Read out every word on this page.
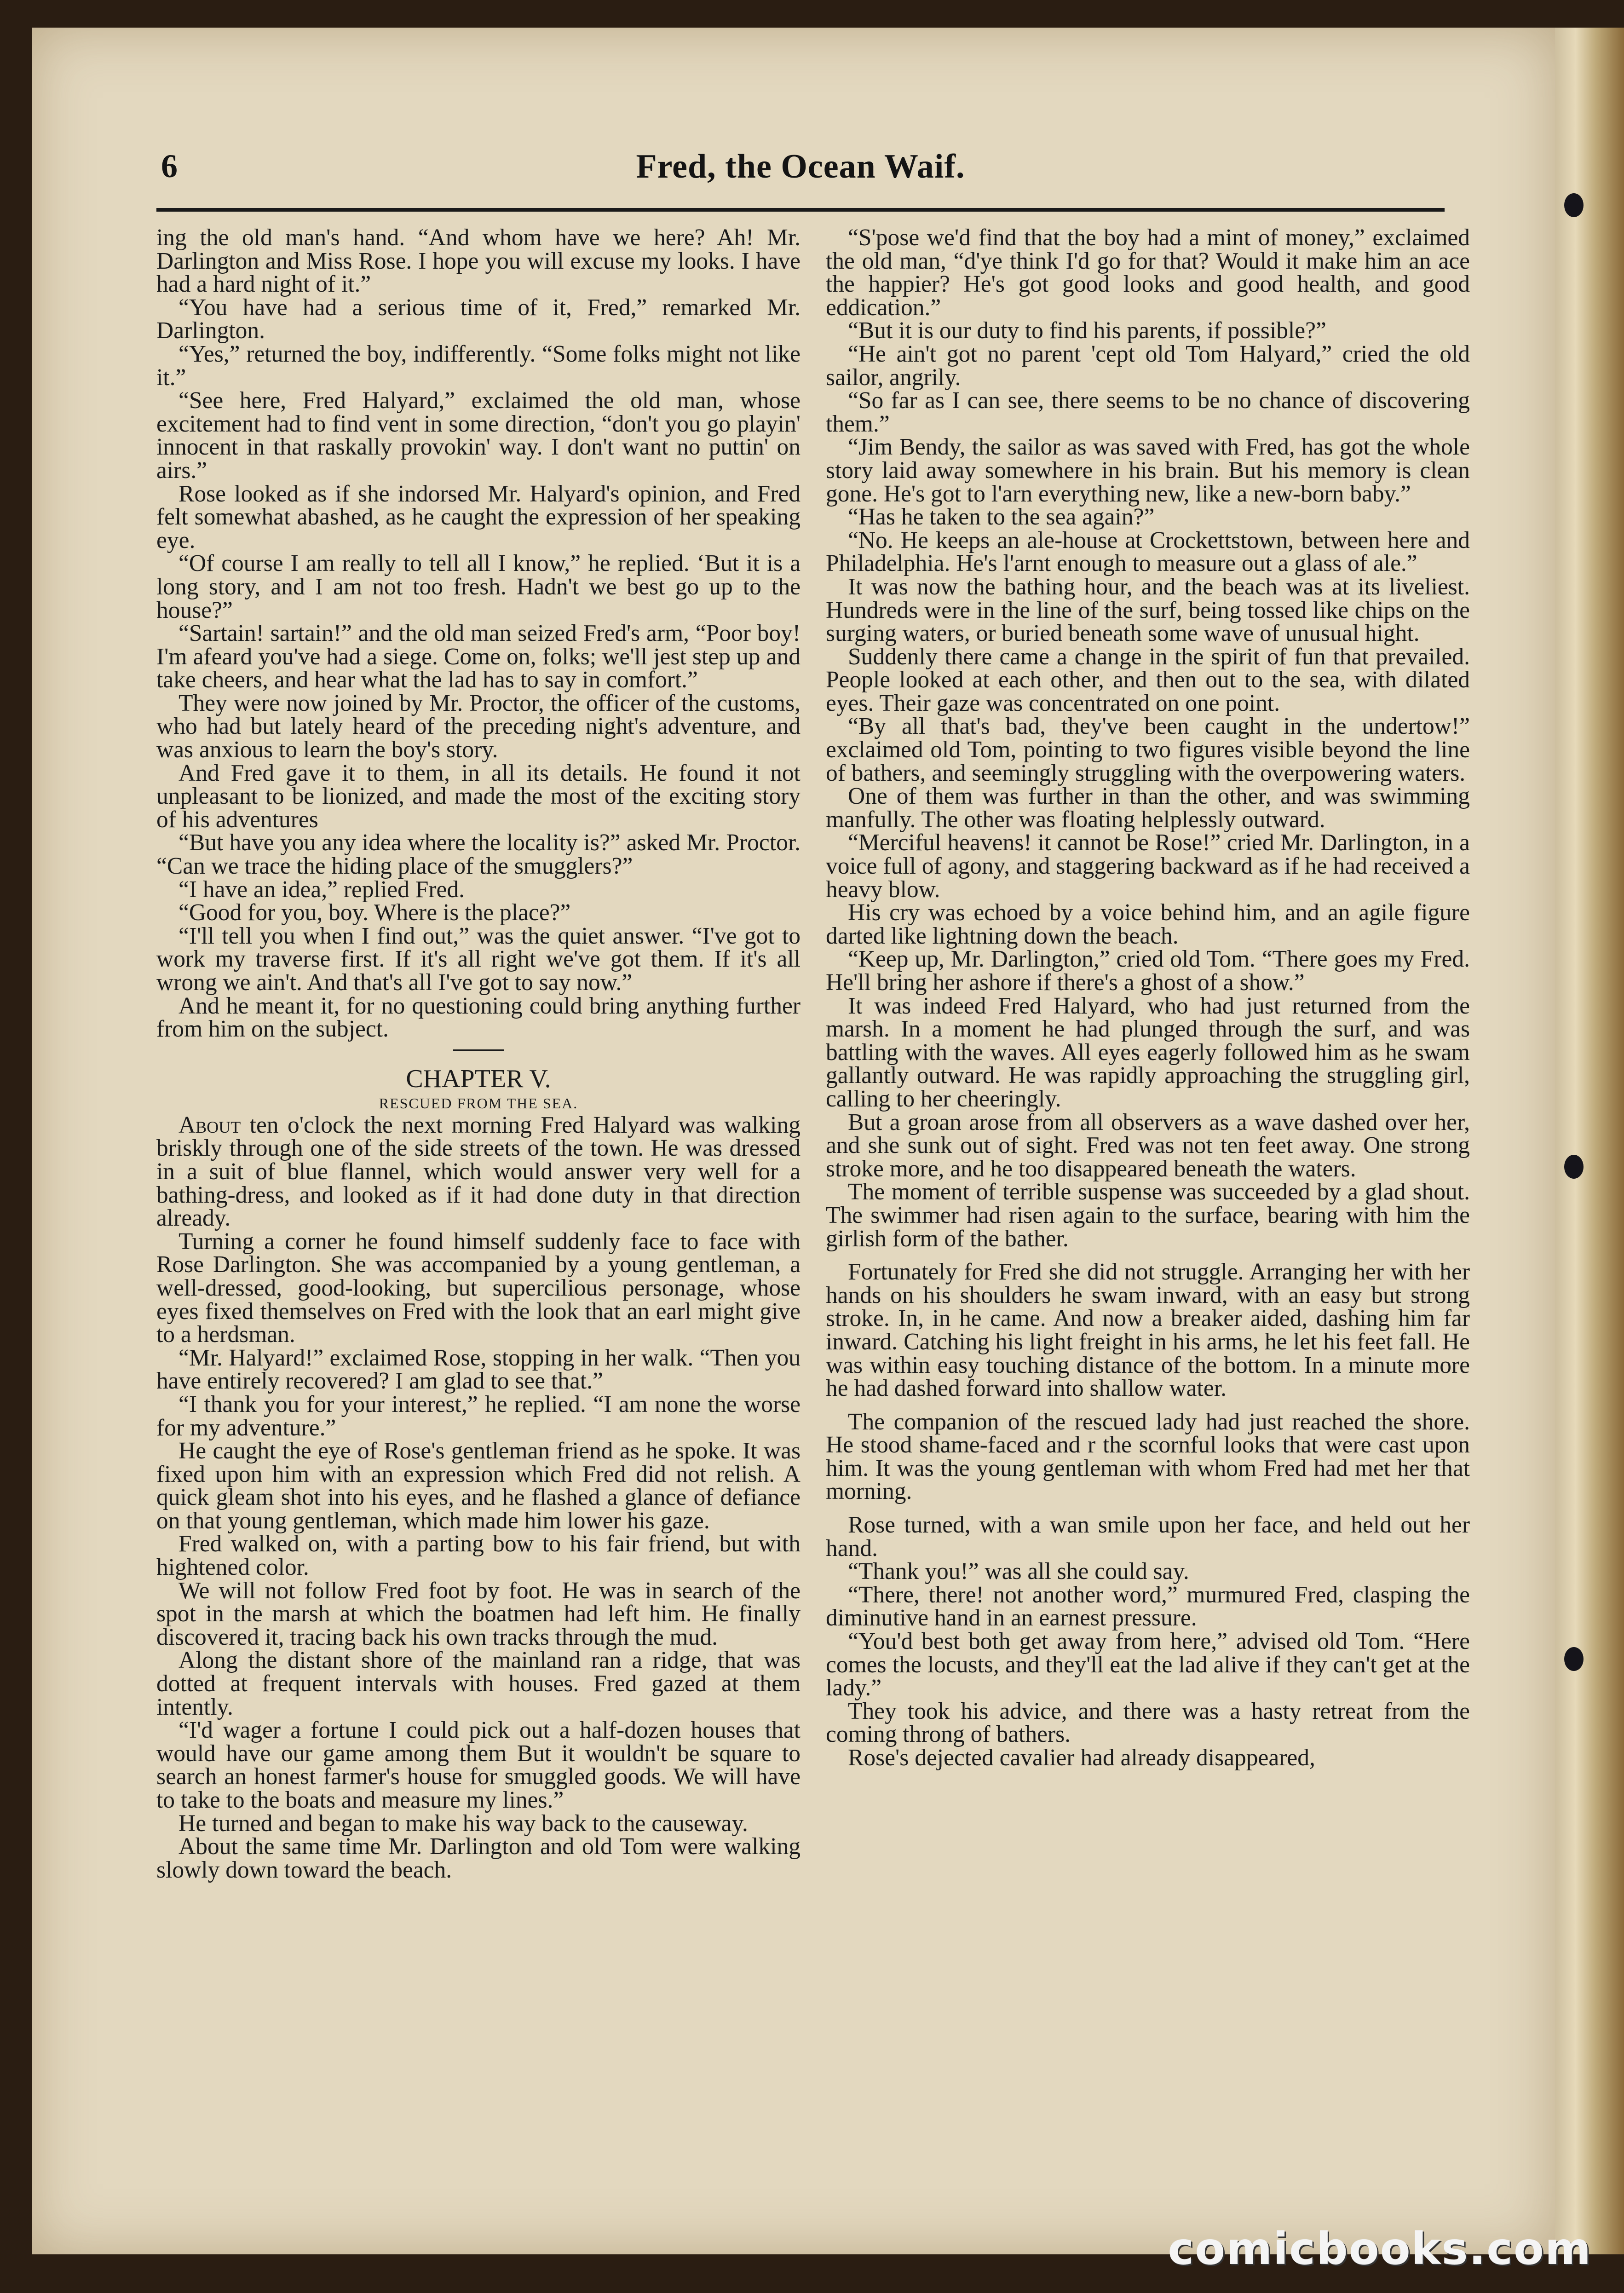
6	Fred, the Ocean Waif.

ing the old man's hand. “And whom have we here? Ah! Mr. Darlington and Miss Rose. I hope you will excuse my looks. I have had a hard night of it.”

“You have had a serious time of it, Fred,” remarked Mr. Darlington.

“Yes,” returned the boy, indifferently. “Some folks might not like it.”

“See here, Fred Halyard,” exclaimed the old man, whose excitement had to find vent in some direction, “don't you go playin' innocent in that raskally provokin' way. I don't want no puttin' on airs.”

Rose looked as if she indorsed Mr. Halyard's opinion, and Fred felt somewhat abashed, as he caught the expression of her speaking eye.

“Of course I am really to tell all I know,” he replied. ‘But it is a long story, and I am not too fresh. Hadn't we best go up to the house?”

“Sartain! sartain!” and the old man seized Fred's arm, “Poor boy! I'm afeard you've had a siege. Come on, folks; we'll jest step up and take cheers, and hear what the lad has to say in comfort.”

They were now joined by Mr. Proctor, the officer of the customs, who had but lately heard of the preceding night's adventure, and was anxious to learn the boy's story.

And Fred gave it to them, in all its details. He found it not unpleasant to be lionized, and made the most of the exciting story of his adventures

“But have you any idea where the locality is?” asked Mr. Proctor. “Can we trace the hiding place of the smugglers?”

“I have an idea,” replied Fred.

“Good for you, boy. Where is the place?”

“I'll tell you when I find out,” was the quiet answer. “I've got to work my traverse first. If it's all right we've got them. If it's all wrong we ain't. And that's all I've got to say now.”

And he meant it, for no questioning could bring anything further from him on the subject.

CHAPTER V.
RESCUED FROM THE SEA.

About ten o'clock the next morning Fred Halyard was walking briskly through one of the side streets of the town. He was dressed in a suit of blue flannel, which would answer very well for a bathing-dress, and looked as if it had done duty in that direction already.

Turning a corner he found himself suddenly face to face with Rose Darlington. She was accompanied by a young gentleman, a well-dressed, good-looking, but supercilious personage, whose eyes fixed themselves on Fred with the look that an earl might give to a herdsman.

“Mr. Halyard!” exclaimed Rose, stopping in her walk. “Then you have entirely recovered? I am glad to see that.”

“I thank you for your interest,” he replied. “I am none the worse for my adventure.”

He caught the eye of Rose's gentleman friend as he spoke. It was fixed upon him with an expression which Fred did not relish. A quick gleam shot into his eyes, and he flashed a glance of defiance on that young gentleman, which made him lower his gaze.

Fred walked on, with a parting bow to his fair friend, but with hightened color.

We will not follow Fred foot by foot. He was in search of the spot in the marsh at which the boatmen had left him. He finally discovered it, tracing back his own tracks through the mud.

Along the distant shore of the mainland ran a ridge, that was dotted at frequent intervals with houses. Fred gazed at them intently.

“I'd wager a fortune I could pick out a half-dozen houses that would have our game among them But it wouldn't be square to search an honest farmer's house for smuggled goods. We will have to take to the boats and measure my lines.”

He turned and began to make his way back to the causeway.

About the same time Mr. Darlington and old Tom were walking slowly down toward the beach.

“S'pose we'd find that the boy had a mint of money,” exclaimed the old man, “d'ye think I'd go for that? Would it make him an ace the happier? He's got good looks and good health, and good eddication.”

“But it is our duty to find his parents, if possible?”

“He ain't got no parent 'cept old Tom Halyard,” cried the old sailor, angrily.

“So far as I can see, there seems to be no chance of discovering them.”

“Jim Bendy, the sailor as was saved with Fred, has got the whole story laid away somewhere in his brain. But his memory is clean gone. He's got to l'arn everything new, like a new-born baby.”

“Has he taken to the sea again?”

“No. He keeps an ale-house at Crockettstown, between here and Philadelphia. He's l'arnt enough to measure out a glass of ale.”

It was now the bathing hour, and the beach was at its liveliest. Hundreds were in the line of the surf, being tossed like chips on the surging waters, or buried beneath some wave of unusual hight.

Suddenly there came a change in the spirit of fun that prevailed. People looked at each other, and then out to the sea, with dilated eyes. Their gaze was concentrated on one point.

“By all that's bad, they've been caught in the undertow!” exclaimed old Tom, pointing to two figures visible beyond the line of bathers, and seemingly struggling with the overpowering waters.

One of them was further in than the other, and was swimming manfully. The other was floating helplessly outward.

“Merciful heavens! it cannot be Rose!” cried Mr. Darlington, in a voice full of agony, and staggering backward as if he had received a heavy blow.

His cry was echoed by a voice behind him, and an agile figure darted like lightning down the beach.

“Keep up, Mr. Darlington,” cried old Tom. “There goes my Fred. He'll bring her ashore if there's a ghost of a show.”

It was indeed Fred Halyard, who had just returned from the marsh. In a moment he had plunged through the surf, and was battling with the waves. All eyes eagerly followed him as he swam gallantly outward. He was rapidly approaching the struggling girl, calling to her cheeringly.

But a groan arose from all observers as a wave dashed over her, and she sunk out of sight. Fred was not ten feet away. One strong stroke more, and he too disappeared beneath the waters.

The moment of terrible suspense was succeeded by a glad shout. The swimmer had risen again to the surface, bearing with him the girlish form of the bather.

Fortunately for Fred she did not struggle. Arranging her with her hands on his shoulders he swam inward, with an easy but strong stroke. In, in he came. And now a breaker aided, dashing him far inward. Catching his light freight in his arms, he let his feet fall. He was within easy touching distance of the bottom. In a minute more he had dashed forward into shallow water.

The companion of the rescued lady had just reached the shore. He stood shame-faced and r the scornful looks that were cast upon him. It was the young gentleman with whom Fred had met her that morning.

Rose turned, with a wan smile upon her face, and held out her hand.

“Thank you!” was all she could say.

“There, there! not another word,” murmured Fred, clasping the diminutive hand in an earnest pressure.

“You'd best both get away from here,” advised old Tom. “Here comes the locusts, and they'll eat the lad alive if they can't get at the lady.”

They took his advice, and there was a hasty retreat from the coming throng of bathers.

Rose's dejected cavalier had already disappeared,

comicbooks.com
